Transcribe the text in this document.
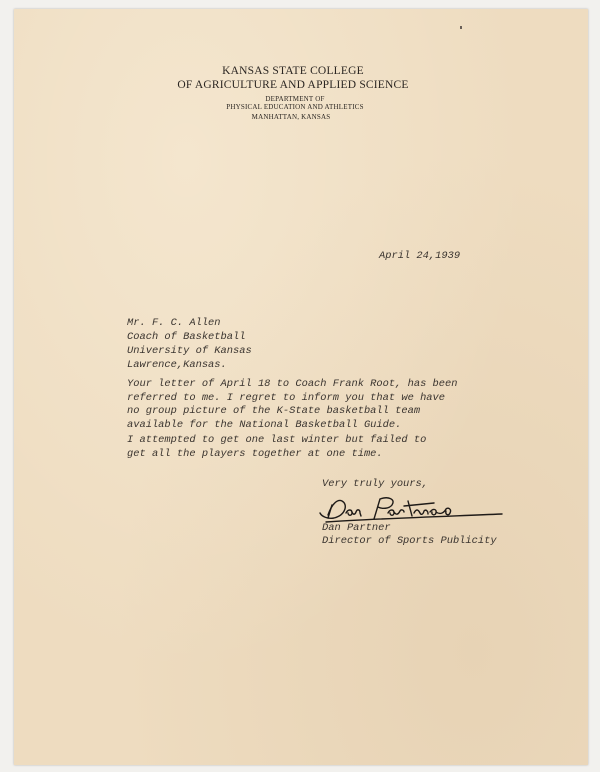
KANSAS STATE COLLEGE

OF AGRICULTURE AND APPLIED SCIENCE

DEPARTMENT OF

PHYSICAL EDUCATION AND ATHLETICS

MANHATTAN, KANSAS

April 24,1939

Mr. F. C. Allen
Coach of Basketball
University of Kansas
Lawrence,Kansas.
Your letter of April 18 to Coach Frank Root, has been
referred to me. I regret to inform you that we have
no group picture of the K-State basketball team
available for the National Basketball Guide.
I attempted to get one last winter but failed to
get all the players together at one time.

Very truly yours,

Dan Partner

Director of Sports Publicity
